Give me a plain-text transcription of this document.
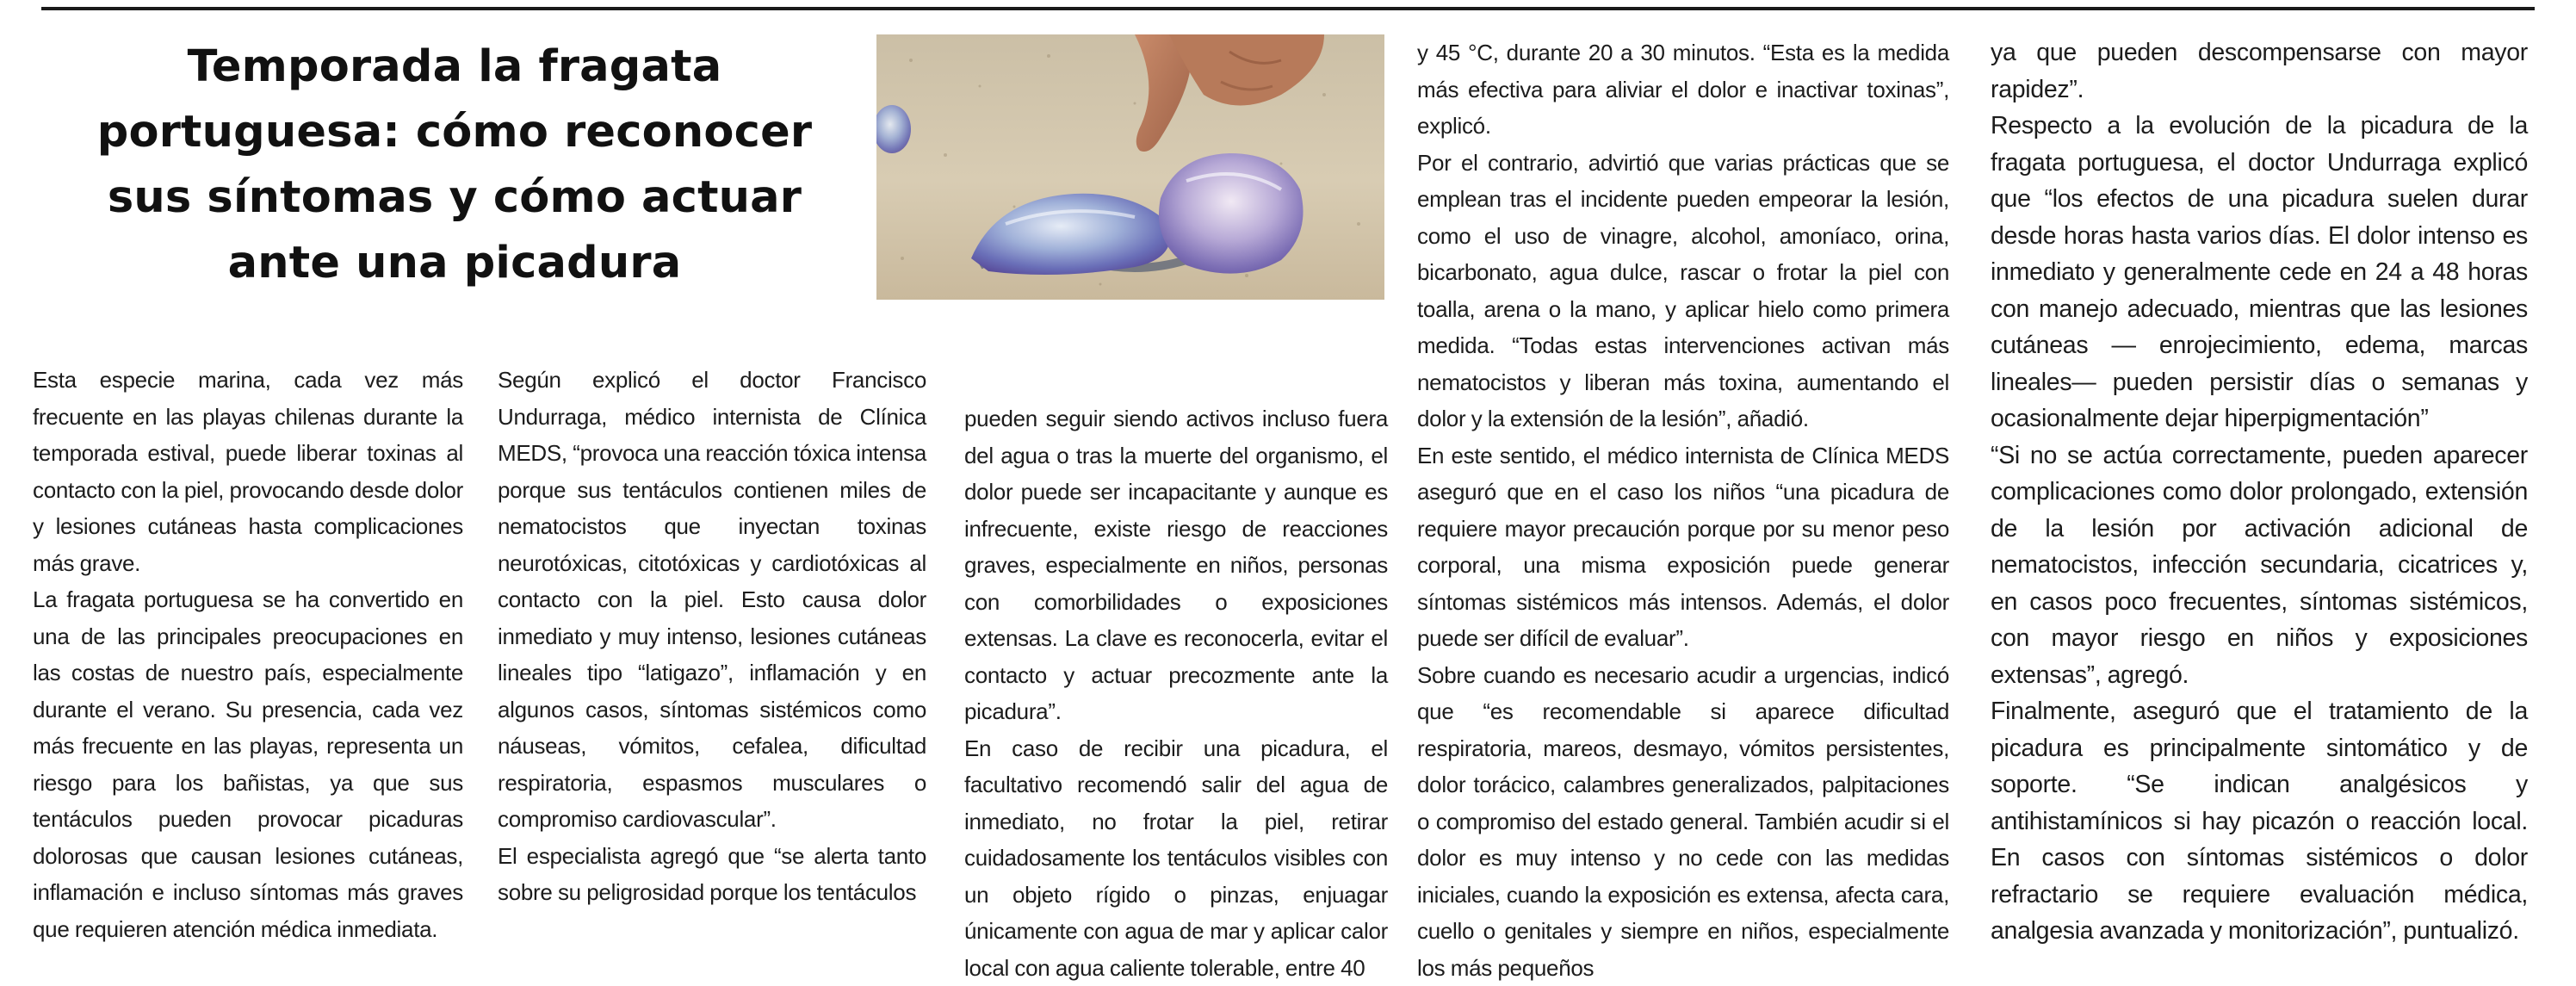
Temporada la fragata portuguesa: cómo reconocer sus síntomas y cómo actuar ante una picadura

Esta especie marina, cada vez más frecuente en las playas chilenas durante la temporada estival, puede liberar toxinas al contacto con la piel, provocando desde dolor y lesiones cutáneas hasta complicaciones más grave.

La fragata portuguesa se ha convertido en una de las principales preocupaciones en las costas de nuestro país, especialmente durante el verano. Su presencia, cada vez más frecuente en las playas, representa un riesgo para los bañistas, ya que sus tentáculos pueden provocar picaduras dolorosas que causan lesiones cutáneas, inflamación e incluso síntomas más graves que requieren atención médica inmediata.

Según explicó el doctor Francisco Undurraga, médico internista de Clínica MEDS, “provoca una reacción tóxica intensa porque sus tentáculos contienen miles de nematocistos que inyectan toxinas neurotóxicas, citotóxicas y cardiotóxicas al contacto con la piel. Esto causa dolor inmediato y muy intenso, lesiones cutáneas lineales tipo “latigazo”, inflamación y en algunos casos, síntomas sistémicos como náuseas, vómitos, cefalea, dificultad respiratoria, espasmos musculares o compromiso cardiovascular”.

El especialista agregó que “se alerta tanto sobre su peligrosidad porque los tentáculos

pueden seguir siendo activos incluso fuera del agua o tras la muerte del organismo, el dolor puede ser incapacitante y aunque es infrecuente, existe riesgo de reacciones graves, especialmente en niños, personas con comorbilidades o exposiciones extensas. La clave es reconocerla, evitar el contacto y actuar precozmente ante la picadura”.

En caso de recibir una picadura, el facultativo recomendó salir del agua de inmediato, no frotar la piel, retirar cuidadosamente los tentáculos visibles con un objeto rígido o pinzas, enjuagar únicamente con agua de mar y aplicar calor local con agua caliente tolerable, entre 40

y 45 °C, durante 20 a 30 minutos. “Esta es la medida más efectiva para aliviar el dolor e inactivar toxinas”, explicó.

Por el contrario, advirtió que varias prácticas que se emplean tras el incidente pueden empeorar la lesión, como el uso de vinagre, alcohol, amoníaco, orina, bicarbonato, agua dulce, rascar o frotar la piel con toalla, arena o la mano, y aplicar hielo como primera medida. “Todas estas intervenciones activan más nematocistos y liberan más toxina, aumentando el dolor y la extensión de la lesión”, añadió.

En este sentido, el médico internista de Clínica MEDS aseguró que en el caso los niños “una picadura de requiere mayor precaución porque por su menor peso corporal, una misma exposición puede generar síntomas sistémicos más intensos. Además, el dolor puede ser difícil de evaluar”.

Sobre cuando es necesario acudir a urgencias, indicó que “es recomendable si aparece dificultad respiratoria, mareos, desmayo, vómitos persistentes, dolor torácico, calambres generalizados, palpitaciones o compromiso del estado general. También acudir si el dolor es muy intenso y no cede con las medidas iniciales, cuando la exposición es extensa, afecta cara, cuello o genitales y siempre en niños, especialmente los más pequeños

ya que pueden descompensarse con mayor rapidez”.

Respecto a la evolución de la picadura de la fragata portuguesa, el doctor Undurraga explicó que “los efectos de una picadura suelen durar desde horas hasta varios días. El dolor intenso es inmediato y generalmente cede en 24 a 48 horas con manejo adecuado, mientras que las lesiones cutáneas — enrojecimiento, edema, marcas lineales— pueden persistir días o semanas y ocasionalmente dejar hiperpigmentación”

“Si no se actúa correctamente, pueden aparecer complicaciones como dolor prolongado, extensión de la lesión por activación adicional de nematocistos, infección secundaria, cicatrices y, en casos poco frecuentes, síntomas sistémicos, con mayor riesgo en niños y exposiciones extensas”, agregó.

Finalmente, aseguró que el tratamiento de la picadura es principalmente sintomático y de soporte. “Se indican analgésicos y antihistamínicos si hay picazón o reacción local. En casos con síntomas sistémicos o dolor refractario se requiere evaluación médica, analgesia avanzada y monitorización”, puntualizó.
